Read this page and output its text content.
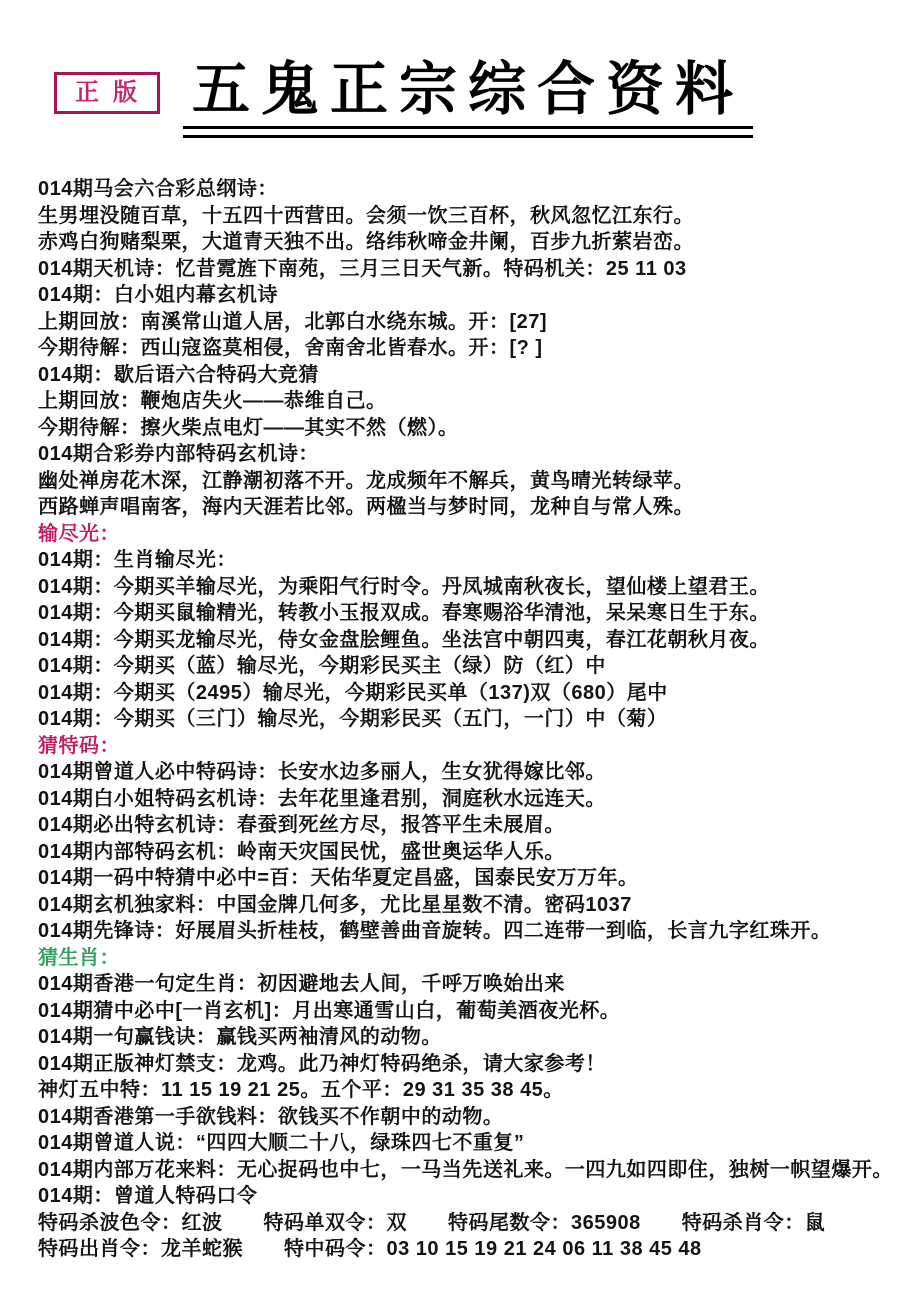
正版 五鬼正宗综合资料
014期马会六合彩总纲诗：
生男埋没随百草，十五四十西营田。会须一饮三百杯，秋风忽忆江东行。
赤鸡白狗赌梨栗，大道青天独不出。络纬秋啼金井阑，百步九折萦岩峦。
014期天机诗：忆昔霓旌下南苑，三月三日天气新。特码机关：25 11 03
014期：白小姐内幕玄机诗
上期回放：南溪常山道人居，北郭白水绕东城。开：[27]
今期待解：西山寇盗莫相侵，舍南舍北皆春水。开：[? ]
014期：歇后语六合特码大竞猜
上期回放：鞭炮店失火——恭维自己。
今期待解：擦火柴点电灯——其实不然（燃）。
014期合彩券内部特码玄机诗：
幽处禅房花木深，江静潮初落不开。龙成频年不解兵，黄鸟晴光转绿苹。
西路蝉声唱南客，海内天涯若比邻。两楹当与梦时同，龙种自与常人殊。
输尽光：
014期：生肖输尽光：
014期：今期买羊输尽光，为乘阳气行时令。丹凤城南秋夜长，望仙楼上望君王。
014期：今期买鼠输精光，转教小玉报双成。春寒赐浴华清池，呆呆寒日生于东。
014期：今期买龙输尽光，侍女金盘脍鲤鱼。坐法宫中朝四夷，春江花朝秋月夜。
014期：今期买（蓝）输尽光，今期彩民买主（绿）防（红）中
014期：今期买（2495）输尽光，今期彩民买单（137)双（680）尾中
014期：今期买（三门）输尽光，今期彩民买（五门，一门）中（菊）
猜特码：
014期曾道人必中特码诗：长安水边多丽人，生女犹得嫁比邻。
014期白小姐特码玄机诗：去年花里逢君别，洞庭秋水远连天。
014期必出特玄机诗：春蚕到死丝方尽，报答平生未展眉。
014期内部特码玄机：岭南天灾国民忧，盛世奥运华人乐。
014期一码中特猜中必中=百：天佑华夏定昌盛，国泰民安万万年。
014期玄机独家料：中国金牌几何多，尤比星星数不清。密码1037
014期先锋诗：好展眉头折桂枝，鹤壁善曲音旋转。四二连带一到临，长言九字红珠开。
猜生肖：
014期香港一句定生肖：初因避地去人间，千呼万唤始出来
014期猜中必中[一肖玄机]：月出寒通雪山白，葡萄美酒夜光杯。
014期一句赢钱诀：赢钱买两袖清风的动物。
014期正版神灯禁支：龙鸡。此乃神灯特码绝杀，请大家参考！
神灯五中特：11 15 19 21 25。五个平：29 31 35 38 45。
014期香港第一手欲钱料：欲钱买不作朝中的动物。
014期曾道人说：“四四大顺二十八，绿珠四七不重复”
014期内部万花来料：无心捉码也中七，一马当先送礼来。一四九如四即住，独树一帜望爆开。
014期：曾道人特码口令
特码杀波色令：红波　　特码单双令：双　　特码尾数令：365908　　特码杀肖令：鼠
特码出肖令：龙羊蛇猴　　特中码令：03 10 15 19 21 24 06 11 38 45 48
